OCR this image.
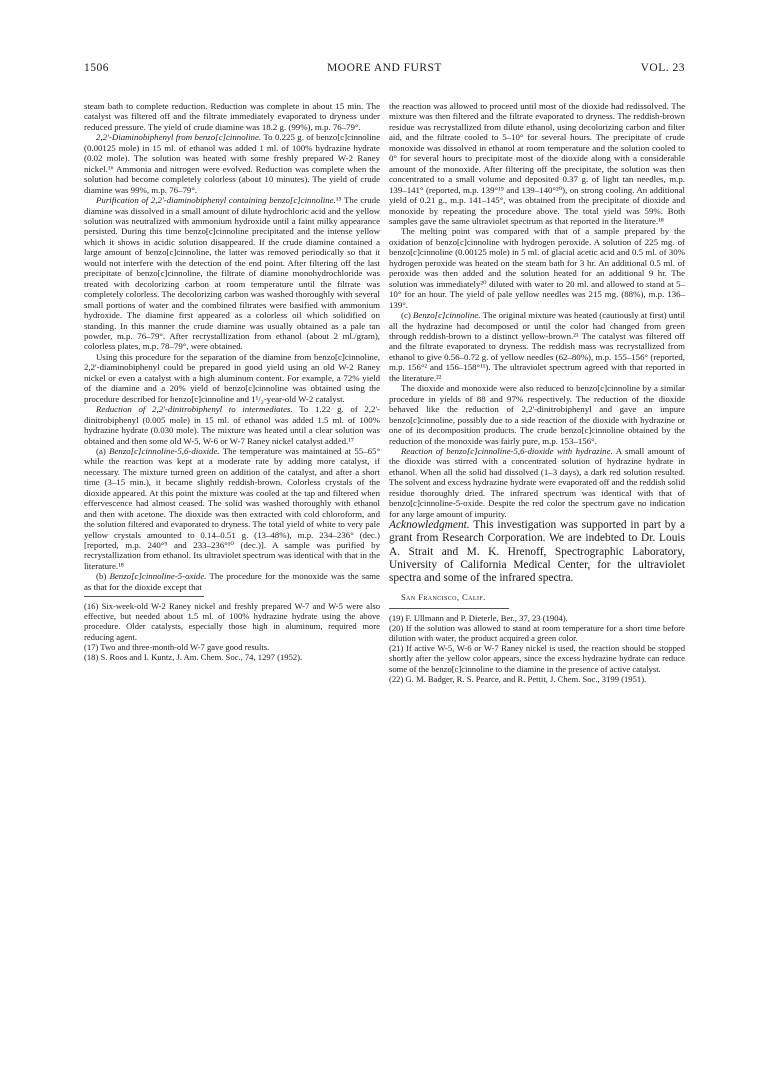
1506	MOORE AND FURST	VOL. 23

steam bath to complete reduction. Reduction was complete in about 15 min. The catalyst was filtered off and the filtrate immediately evaporated to dryness under reduced pressure. The yield of crude diamine was 18.2 g. (99%), m.p. 76–79°.

2,2'-Diaminobiphenyl from benzo[c]cinnoline. To 0.225 g. of benzo[c]cinnoline (0.00125 mole) in 15 ml. of ethanol was added 1 ml. of 100% hydrazine hydrate (0.02 mole). The solution was heated with some freshly prepared W-2 Raney nickel.¹⁶ Ammonia and nitrogen were evolved. Reduction was complete when the solution had become completely colorless (about 10 minutes). The yield of crude diamine was 99%, m.p. 76–79°.

Purification of 2,2'-diaminobiphenyl containing benzo[c]cinnoline.¹⁵ The crude diamine was dissolved in a small amount of dilute hydrochloric acid and the yellow solution was neutralized with ammonium hydroxide until a faint milky appearance persisted. During this time benzo[c]cinnoline precipitated and the intense yellow which it shows in acidic solution disappeared. If the crude diamine contained a large amount of benzo[c]cinnoline, the latter was removed periodically so that it would not interfere with the detection of the end point. After filtering off the last precipitate of benzo[c]cinnoline, the filtrate of diamine monohydrochloride was treated with decolorizing carbon at room temperature until the filtrate was completely colorless. The decolorizing carbon was washed thoroughly with several small portions of water and the combined filtrates were basified with ammonium hydroxide. The diamine first appeared as a colorless oil which solidified on standing. In this manner the crude diamine was usually obtained as a pale tan powder, m.p. 76–79°. After recrystallization from ethanol (about 2 ml./gram), colorless plates, m.p. 78–79°, were obtained.

Using this procedure for the separation of the diamine from benzo[c]cinnoline, 2,2'-diaminobiphenyl could be prepared in good yield using an old W-2 Raney nickel or even a catalyst with a high aluminum content. For example, a 72% yield of the diamine and a 20% yield of benzo[c]cinnoline was obtained using the procedure described for benzo[c]cinnoline and 1¹/₂-year-old W-2 catalyst.

Reduction of 2,2'-dinitrobiphenyl to intermediates. To 1.22 g. of 2,2'-dinitrobiphenyl (0.005 mole) in 15 ml. of ethanol was added 1.5 ml. of 100% hydrazine hydrate (0.030 mole). The mixture was heated until a clear solution was obtained and then some old W-5, W-6 or W-7 Raney nickel catalyst added.¹⁷

(a) Benzo[c]cinnoline-5,6-dioxide. The temperature was maintained at 55–65° while the reaction was kept at a moderate rate by adding more catalyst, if necessary. The mixture turned green on addition of the catalyst, and after a short time (3–15 min.), it became slightly reddish-brown. Colorless crystals of the dioxide appeared. At this point the mixture was cooled at the tap and filtered when effervescence had almost ceased. The solid was washed thoroughly with ethanol and then with acetone. The dioxide was then extracted with cold chloroform, and the solution filtered and evaporated to dryness. The total yield of white to very pale yellow crystals amounted to 0.14–0.51 g. (13–48%), m.p. 234–236° (dec.) [reported, m.p. 240°⁹ and 233–236°¹⁰ (dec.)]. A sample was purified by recrystallization from ethanol. Its ultraviolet spectrum was identical with that in the literature.¹⁸

(b) Benzo[c]cinnoline-5-oxide. The procedure for the monoxide was the same as that for the dioxide except that

(16) Six-week-old W-2 Raney nickel and freshly prepared W-7 and W-5 were also effective, but needed about 1.5 ml. of 100% hydrazine hydrate using the above procedure. Older catalysts, especially those high in aluminum, required more reducing agent.

(17) Two and three-month-old W-7 gave good results.

(18) S. Roos and I. Kuntz, J. Am. Chem. Soc., 74, 1297 (1952).

the reaction was allowed to proceed until most of the dioxide had redissolved. The mixture was then filtered and the filtrate evaporated to dryness. The reddish-brown residue was recrystallized from dilute ethanol, using decolorizing carbon and filter aid, and the filtrate cooled to 5–10° for several hours. The precipitate of crude monoxide was dissolved in ethanol at room temperature and the solution cooled to 0° for several hours to precipitate most of the dioxide along with a considerable amount of the monoxide. After filtering off the precipitate, the solution was then concentrated to a small volume and deposited 0.37 g. of light tan needles, m.p. 139–141° (reported, m.p. 139°¹⁹ and 139–140°²⁰), on strong cooling. An additional yield of 0.21 g., m.p. 141–145°, was obtained from the precipitate of dioxide and monoxide by repeating the procedure above. The total yield was 59%. Both samples gave the same ultraviolet spectrum as that reported in the literature.¹⁸

The melting point was compared with that of a sample prepared by the oxidation of benzo[c]cinnoline with hydrogen peroxide. A solution of 225 mg. of benzo[c]cinnoline (0.00125 mole) in 5 ml. of glacial acetic acid and 0.5 ml. of 30% hydrogen peroxide was heated on the steam bath for 3 hr. An additional 0.5 ml. of peroxide was then added and the solution heated for an additional 9 hr. The solution was immediately²⁰ diluted with water to 20 ml. and allowed to stand at 5–10° for an hour. The yield of pale yellow needles was 215 mg. (88%), m.p. 136–139°.

(c) Benzo[c]cinnoline. The original mixture was heated (cautiously at first) until all the hydrazine had decomposed or until the color had changed from green through reddish-brown to a distinct yellow-brown.²¹ The catalyst was filtered off and the filtrate evaporated to dryness. The reddish mass was recrystallized from ethanol to give 0.56–0.72 g. of yellow needles (62–80%), m.p. 155–156° (reported, m.p. 156°² and 156–158°¹¹). The ultraviolet spectrum agreed with that reported in the literature.²²

The dioxide and monoxide were also reduced to benzo[c]cinnoline by a similar procedure in yields of 88 and 97% respectively. The reduction of the dioxide behaved like the reduction of 2,2'-dinitrobiphenyl and gave an impure benzo[c]cinnoline, possibly due to a side reaction of the dioxide with hydrazine or one of its decomposition products. The crude benzo[c]cinnoline obtained by the reduction of the monoxide was fairly pure, m.p. 153–156°.

Reaction of benzo[c]cinnoline-5,6-dioxide with hydrazine. A small amount of the dioxide was stirred with a concentrated solution of hydrazine hydrate in ethanol. When all the solid had dissolved (1–3 days), a dark red solution resulted. The solvent and excess hydrazine hydrate were evaporated off and the reddish solid residue thoroughly dried. The infrared spectrum was identical with that of benzo[c]cinnoline-5-oxide. Despite the red color the spectrum gave no indication for any large amount of impurity.

Acknowledgment. This investigation was supported in part by a grant from Research Corporation. We are indebted to Dr. Louis A. Strait and M. K. Hrenoff, Spectrographic Laboratory, University of California Medical Center, for the ultraviolet spectra and some of the infrared spectra.

San Francisco, Calif.

(19) F. Ullmann and P. Dieterle, Ber., 37, 23 (1904).

(20) If the solution was allowed to stand at room temperature for a short time before dilution with water, the product acquired a green color.

(21) If active W-5, W-6 or W-7 Raney nickel is used, the reaction should be stopped shortly after the yellow color appears, since the excess hydrazine hydrate can reduce some of the benzo[c]cinnoline to the diamine in the presence of active catalyst.

(22) G. M. Badger, R. S. Pearce, and R. Pettit, J. Chem. Soc., 3199 (1951).
